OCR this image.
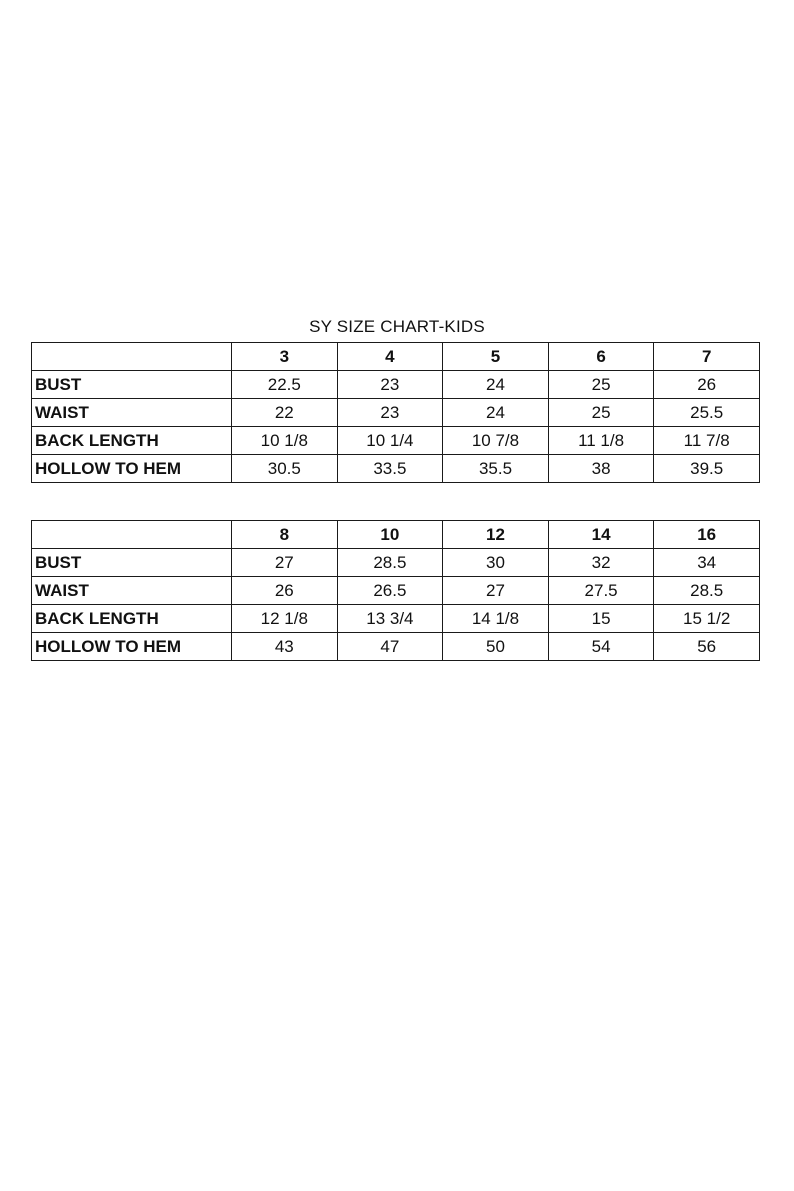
SY SIZE CHART-KIDS
	3	4	5	6	7
BUST	22.5	23	24	25	26
WAIST	22	23	24	25	25.5
BACK LENGTH	10 1/8	10 1/4	10 7/8	11 1/8	11 7/8
HOLLOW TO HEM	30.5	33.5	35.5	38	39.5
	8	10	12	14	16
BUST	27	28.5	30	32	34
WAIST	26	26.5	27	27.5	28.5
BACK LENGTH	12 1/8	13 3/4	14 1/8	15	15 1/2
HOLLOW TO HEM	43	47	50	54	56
